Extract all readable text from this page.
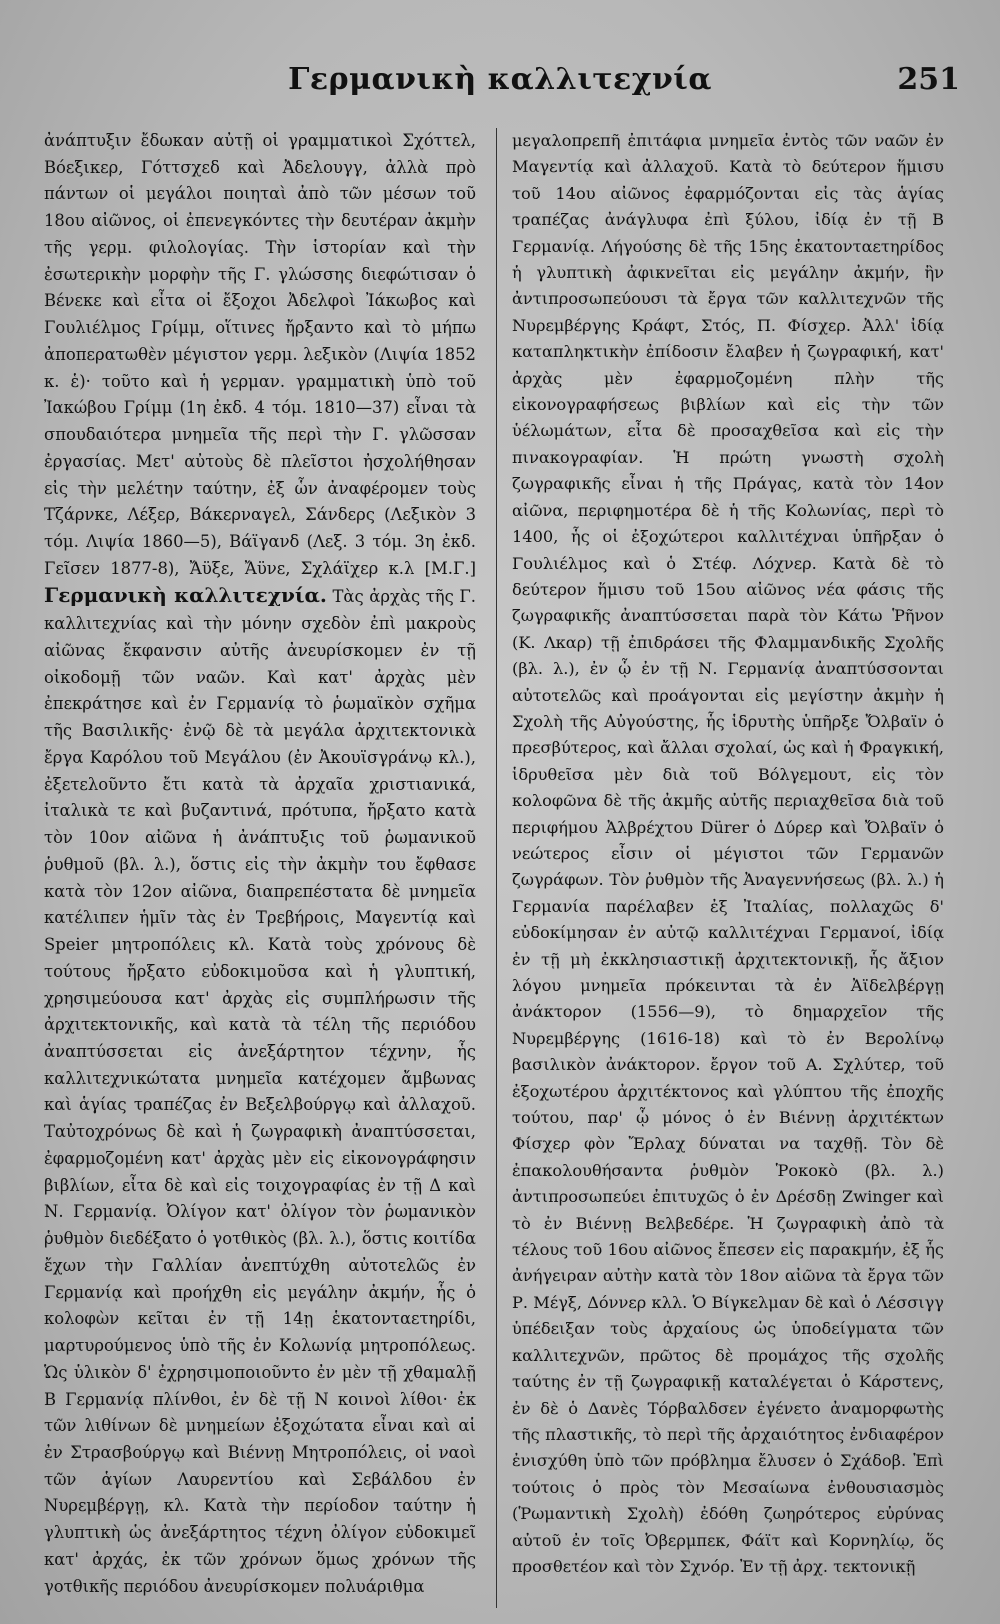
Γερμανικὴ καλλιτεχνία	251
ἀνάπτυξιν ἔδωκαν αὐτῇ οἱ γραμματικοὶ Σχόττελ, Βόεξικερ, Γόττσχεδ καὶ Ἀδελουγγ, ἀλλὰ πρὸ πάντων οἱ μεγάλοι ποιηταὶ ἀπὸ τῶν μέσων τοῦ 18ου αἰῶνος, οἱ ἐπενεγκόντες τὴν δευτέραν ἀκμὴν τῆς γερμ. φιλολογίας. Τὴν ἱστορίαν καὶ τὴν ἐσωτερικὴν μορφὴν τῆς Γ. γλώσσης διεφώτισαν ὁ Βένεκε καὶ εἶτα οἱ ἔξοχοι Ἀδελφοὶ Ἰάκωβος καὶ Γουλιέλμος Γρίμμ, οἵτινες ἤρξαντο καὶ τὸ μήπω ἀποπερατωθὲν μέγιστον γερμ. λεξικὸν (Λιψία 1852 κ. ἑ)· τοῦτο καὶ ἡ γερμαν. γραμματικὴ ὑπὸ τοῦ Ἰακώβου Γρίμμ (1η ἐκδ. 4 τόμ. 1810—37) εἶναι τὰ σπουδαιότερα μνημεῖα τῆς περὶ τὴν Γ. γλῶσσαν ἐργασίας. Μετ' αὐτοὺς δὲ πλεῖστοι ἠσχολήθησαν εἰς τὴν μελέτην ταύτην, ἐξ ὧν ἀναφέρομεν τοὺς Τζάρνκε, Λέξερ, Βάκερναγελ, Σάνδερς (Λεξικὸν 3 τόμ. Λιψία 1860—5), Βάϊγανδ (Λεξ. 3 τόμ. 3η ἐκδ. Γεῖσεν 1877-8), Ἄϋξε, Ἄϋνε, Σχλάϊχερ κ.λ [Μ.Γ.] Γερμανικὴ καλλιτεχνία. Τὰς ἀρχὰς τῆς Γ. καλλιτεχνίας καὶ τὴν μόνην σχεδὸν ἐπὶ μακροὺς αἰῶνας ἔκφανσιν αὐτῆς ἀνευρίσκομεν ἐν τῇ οἰκοδομῇ τῶν ναῶν. Καὶ κατ' ἀρχὰς μὲν ἐπεκράτησε καὶ ἐν Γερμανίᾳ τὸ ῥωμαϊκὸν σχῆμα τῆς Βασιλικῆς· ἐνῷ δὲ τὰ μεγάλα ἀρχιτεκτονικὰ ἔργα Καρόλου τοῦ Μεγάλου (ἐν Ἀκουϊσγράνῳ κλ.), ἐξετελοῦντο ἔτι κατὰ τὰ ἀρχαῖα χριστιανικά, ἰταλικὰ τε καὶ βυζαντινά, πρότυπα, ἤρξατο κατὰ τὸν 10ον αἰῶνα ἡ ἀνάπτυξις τοῦ ῥωμανικοῦ ῥυθμοῦ (βλ. λ.), ὅστις εἰς τὴν ἀκμὴν του ἔφθασε κατὰ τὸν 12ον αἰῶνα, διαπρεπέστατα δὲ μνημεῖα κατέλιπεν ἡμῖν τὰς ἐν Τρεβήροις, Μαγεντίᾳ καὶ Speier μητροπόλεις κλ. Κατὰ τοὺς χρόνους δὲ τούτους ἤρξατο εὐδοκιμοῦσα καὶ ἡ γλυπτική, χρησιμεύουσα κατ' ἀρχὰς εἰς συμπλήρωσιν τῆς ἀρχιτεκτονικῆς, καὶ κατὰ τὰ τέλη τῆς περιόδου ἀναπτύσσεται εἰς ἀνεξάρτητον τέχνην, ἧς καλλιτεχνικώτατα μνημεῖα κατέχομεν ἄμβωνας καὶ ἁγίας τραπέζας ἐν Βεξελβούργῳ καὶ ἀλλαχοῦ. Ταὐτοχρόνως δὲ καὶ ἡ ζωγραφικὴ ἀναπτύσσεται, ἐφαρμοζομένη κατ' ἀρχὰς μὲν εἰς εἰκονογράφησιν βιβλίων, εἶτα δὲ καὶ εἰς τοιχογραφίας ἐν τῇ Δ καὶ Ν. Γερμανίᾳ. Ὀλίγον κατ' ὀλίγον τὸν ῥωμανικὸν ῥυθμὸν διεδέξατο ὁ γοτθικὸς (βλ. λ.), ὅστις κοιτίδα ἔχων τὴν Γαλλίαν ἀνεπτύχθη αὐτοτελῶς ἐν Γερμανίᾳ καὶ προήχθη εἰς μεγάλην ἀκμήν, ἧς ὁ κολοφὼν κεῖται ἐν τῇ 14ῃ ἑκατονταετηρίδι, μαρτυρούμενος ὑπὸ τῆς ἐν Κολωνίᾳ μητροπόλεως. Ὡς ὑλικὸν δ' ἐχρησιμοποιοῦντο ἐν μὲν τῇ χθαμαλῇ Β Γερμανίᾳ πλίνθοι, ἐν δὲ τῇ Ν κοινοὶ λίθοι· ἐκ τῶν λιθίνων δὲ μνημείων ἐξοχώτατα εἶναι καὶ αἱ ἐν Στρασβούργῳ καὶ Βιέννῃ Μητροπόλεις, οἱ ναοὶ τῶν ἁγίων Λαυρεντίου καὶ Σεβάλδου ἐν Νυρεμβέργῃ, κλ. Κατὰ τὴν περίοδον ταύτην ἡ γλυπτικὴ ὡς ἀνεξάρτητος τέχνη ὀλίγον εὐδοκιμεῖ κατ' ἀρχάς, ἐκ τῶν χρόνων ὅμως χρόνων τῆς γοτθικῆς περιόδου ἀνευρίσκομεν πολυάριθμα
μεγαλοπρεπῆ ἐπιτάφια μνημεῖα ἐντὸς τῶν ναῶν ἐν Μαγεντίᾳ καὶ ἀλλαχοῦ. Κατὰ τὸ δεύτερον ἥμισυ τοῦ 14ου αἰῶνος ἐφαρμόζονται εἰς τὰς ἁγίας τραπέζας ἀνάγλυφα ἐπὶ ξύλου, ἰδίᾳ ἐν τῇ Β Γερμανίᾳ. Λήγούσης δὲ τῆς 15ης ἑκατονταετηρίδος ἡ γλυπτικὴ ἀφικνεῖται εἰς μεγάλην ἀκμήν, ἣν ἀντιπροσωπεύουσι τὰ ἔργα τῶν καλλιτεχνῶν τῆς Νυρεμβέργης Κράφτ, Στός, Π. Φίσχερ. Ἀλλ' ἰδίᾳ καταπληκτικὴν ἐπίδοσιν ἔλαβεν ἡ ζωγραφική, κατ' ἀρχὰς μὲν ἐφαρμοζομένη πλὴν τῆς εἰκονογραφήσεως βιβλίων καὶ εἰς τὴν τῶν ὑέλωμάτων, εἶτα δὲ προσαχθεῖσα καὶ εἰς τὴν πινακογραφίαν. Ἡ πρώτη γνωστὴ σχολὴ ζωγραφικῆς εἶναι ἡ τῆς Πράγας, κατὰ τὸν 14ον αἰῶνα, περιφημοτέρα δὲ ἡ τῆς Κολωνίας, περὶ τὸ 1400, ἧς οἱ ἐξοχώτεροι καλλιτέχναι ὑπῆρξαν ὁ Γουλιέλμος καὶ ὁ Στέφ. Λόχνερ. Κατὰ δὲ τὸ δεύτερον ἥμισυ τοῦ 15ου αἰῶνος νέα φάσις τῆς ζωγραφικῆς ἀναπτύσσεται παρὰ τὸν Κάτω Ῥῆνον (Κ. Λκαρ) τῇ ἐπιδράσει τῆς Φλαμμανδικῆς Σχολῆς (βλ. λ.), ἐν ᾧ ἐν τῇ Ν. Γερμανίᾳ ἀναπτύσσονται αὐτοτελῶς καὶ προάγονται εἰς μεγίστην ἀκμὴν ἡ Σχολὴ τῆς Αὐγούστης, ἧς ἱδρυτὴς ὑπῆρξε Ὄλβαϊν ὁ πρεσβύτερος, καὶ ἄλλαι σχολαί, ὡς καὶ ἡ Φραγκική, ἱδρυθεῖσα μὲν διὰ τοῦ Βόλγεμουτ, εἰς τὸν κολοφῶνα δὲ τῆς ἀκμῆς αὐτῆς περιαχθεῖσα διὰ τοῦ περιφήμου Ἀλβρέχτου Dürer ὁ Δύρερ καὶ Ὄλβαϊν ὁ νεώτερος εἶσιν οἱ μέγιστοι τῶν Γερμανῶν ζωγράφων. Τὸν ῥυθμὸν τῆς Ἀναγεννήσεως (βλ. λ.) ἡ Γερμανία παρέλαβεν ἐξ Ἰταλίας, πολλαχῶς δ' εὐδοκίμησαν ἐν αὐτῷ καλλιτέχναι Γερμανοί, ἰδίᾳ ἐν τῇ μὴ ἐκκλησιαστικῇ ἀρχιτεκτονικῇ, ἧς ἄξιον λόγου μνημεῖα πρόκεινται τὰ ἐν Ἀϊδελβέργῃ ἀνάκτορον (1556—9), τὸ δημαρχεῖον τῆς Νυρεμβέργης (1616-18) καὶ τὸ ἐν Βερολίνῳ βασιλικὸν ἀνάκτορον. ἔργον τοῦ Α. Σχλύτερ, τοῦ ἐξοχωτέρου ἀρχιτέκτονος καὶ γλύπτου τῆς ἐποχῆς τούτου, παρ' ᾧ μόνος ὁ ἐν Βιέννῃ ἀρχιτέκτων Φίσχερ φὸν Ἔρλαχ δύναται να ταχθῇ. Τὸν δὲ ἐπακολουθήσαντα ῥυθμὸν Ῥοκοκὸ (βλ. λ.) ἀντιπροσωπεύει ἐπιτυχῶς ὁ ἐν Δρέσδῃ Zwinger καὶ τὸ ἐν Βιέννῃ Βελβεδέρε. Ἡ ζωγραφικὴ ἀπὸ τὰ τέλους τοῦ 16ου αἰῶνος ἔπεσεν εἰς παρακμήν, ἐξ ἧς ἀνήγειραν αὐτὴν κατὰ τὸν 18ον αἰῶνα τὰ ἔργα τῶν Ρ. Μέγξ, Δόννερ κλλ. Ὁ Βίγκελμαν δὲ καὶ ὁ Λέσσιγγ ὑπέδειξαν τοὺς ἀρχαίους ὡς ὑποδείγματα τῶν καλλιτεχνῶν, πρῶτος δὲ προμάχος τῆς σχολῆς ταύτης ἐν τῇ ζωγραφικῇ καταλέγεται ὁ Κάρστενς, ἐν δὲ ὁ Δανὲς Τόρβαλδσεν ἐγένετο ἀναμορφωτὴς τῆς πλαστικῆς, τὸ περὶ τῆς ἀρχαιότητος ἐνδιαφέρον ἐνισχύθη ὑπὸ τῶν πρόβλημα ἔλυσεν ὁ Σχάδοβ. Ἐπὶ τούτοις ὁ πρὸς τὸν Μεσαίωνα ἐνθουσιασμὸς (Ῥωμαντικὴ Σχολὴ) ἐδόθη ζωηρότερος εὐρύνας αὐτοῦ ἐν τοῖς Ὀβερμπεκ, Φάϊτ καὶ Κορνηλίῳ, ὅς προσθετέον καὶ τὸν Σχνόρ. Ἐν τῇ ἀρχ. τεκτονικῇ
